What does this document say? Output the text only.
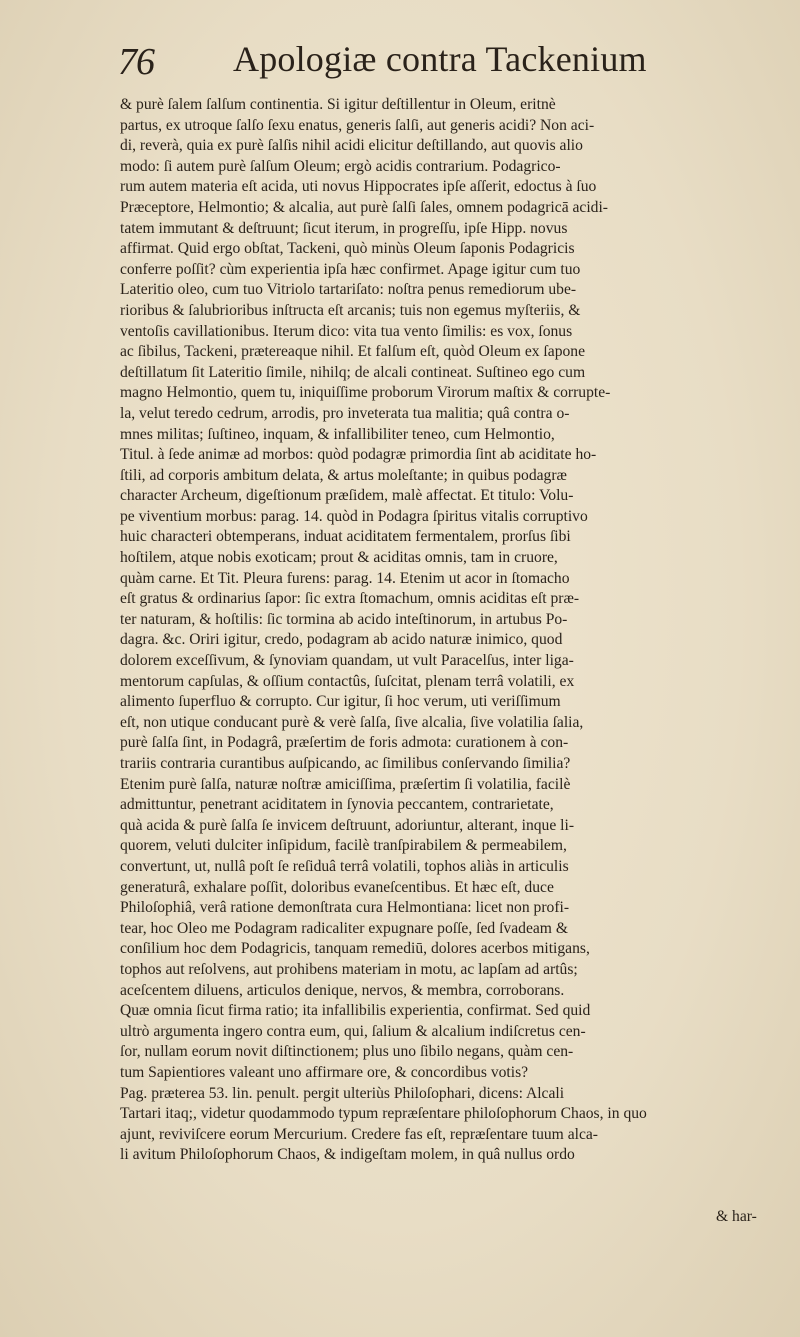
76 Apologiæ contra Tackenium
& purè ſalem ſalſum continentia. Si igitur deſtillentur in Oleum, eritnè
partus, ex utroque ſalſo ſexu enatus, generis ſalſi, aut generis acidi? Non aci-
di, reverà, quia ex purè ſalſis nihil acidi elicitur deſtillando, aut quovis alio
modo: ſi autem purè ſalſum Oleum; ergò acidis contrarium. Podagrico-
rum autem materia eſt acida, uti novus Hippocrates ipſe aſſerit, edoctus à ſuo
Præceptore, Helmontio; & alcalia, aut purè ſalſi ſales, omnem podagricā acidi-
tatem immutant & deſtruunt; ſicut iterum, in progreſſu, ipſe Hipp. novus
affirmat. Quid ergo obſtat, Tackeni, quò minùs Oleum ſaponis Podagricis
conferre poſſit? cùm experientia ipſa hæc confirmet. Apage igitur cum tuo
Lateritio oleo, cum tuo Vitriolo tartariſato: noſtra penus remediorum ube-
rioribus & ſalubrioribus inſtructa eſt arcanis; tuis non egemus myſteriis, &
ventoſis cavillationibus. Iterum dico: vita tua vento ſimilis: es vox, ſonus
ac ſibilus, Tackeni, prætereaque nihil. Et falſum eſt, quòd Oleum ex ſapone
deſtillatum ſit Lateritio ſimile, nihilq; de alcali contineat. Suſtineo ego cum
magno Helmontio, quem tu, iniquiſſime proborum Virorum maſtix & corrupte-
la, velut teredo cedrum, arrodis, pro inveterata tua malitia; quâ contra o-
mnes militas; ſuſtineo, inquam, & infallibiliter teneo, cum Helmontio,
Titul. à ſede animæ ad morbos: quòd podagræ primordia ſint ab aciditate ho-
ſtili, ad corporis ambitum delata, & artus moleſtante; in quibus podagræ
character Archeum, digeſtionum præſidem, malè affectat. Et titulo: Volu-
pe viventium morbus: parag. 14. quòd in Podagra ſpiritus vitalis corruptivo
huic characteri obtemperans, induat aciditatem fermentalem, prorſus ſibi
hoſtilem, atque nobis exoticam; prout & aciditas omnis, tam in cruore,
quàm carne. Et Tit. Pleura furens: parag. 14. Etenim ut acor in ſtomacho
eſt gratus & ordinarius ſapor: ſic extra ſtomachum, omnis aciditas eſt præ-
ter naturam, & hoſtilis: ſic tormina ab acido inteſtinorum, in artubus Po-
dagra. &c. Oriri igitur, credo, podagram ab acido naturæ inimico, quod
dolorem exceſſivum, & ſynoviam quandam, ut vult Paracelſus, inter liga-
mentorum capſulas, & oſſium contactûs, ſuſcitat, plenam terrâ volatili, ex
alimento ſuperfluo & corrupto. Cur igitur, ſi hoc verum, uti veriſſimum
eſt, non utique conducant purè & verè ſalſa, ſive alcalia, ſive volatilia ſalia,
purè ſalſa ſint, in Podagrâ, præſertim de foris admota: curationem à con-
trariis contraria curantibus auſpicando, ac ſimilibus conſervando ſimilia?
Etenim purè ſalſa, naturæ noſtræ amiciſſima, præſertim ſi volatilia, facilè
admittuntur, penetrant aciditatem in ſynovia peccantem, contrarietate,
quà acida & purè ſalſa ſe invicem deſtruunt, adoriuntur, alterant, inque li-
quorem, veluti dulciter inſipidum, facilè tranſpirabilem & permeabilem,
convertunt, ut, nullâ poſt ſe reſiduâ terrâ volatili, tophos aliàs in articulis
generaturâ, exhalare poſſit, doloribus evaneſcentibus. Et hæc eſt, duce
Philoſophiâ, verâ ratione demonſtrata cura Helmontiana: licet non profi-
tear, hoc Oleo me Podagram radicaliter expugnare poſſe, ſed ſvadeam &
conſilium hoc dem Podagricis, tanquam remediū, dolores acerbos mitigans,
tophos aut reſolvens, aut prohibens materiam in motu, ac lapſam ad artûs;
aceſcentem diluens, articulos denique, nervos, & membra, corroborans.
Quæ omnia ſicut firma ratio; ita infallibilis experientia, confirmat. Sed quid
ultrò argumenta ingero contra eum, qui, ſalium & alcalium indiſcretus cen-
ſor, nullam eorum novit diſtinctionem; plus uno ſibilo negans, quàm cen-
tum Sapientiores valeant uno affirmare ore, & concordibus votis?
Pag. præterea 53. lin. penult. pergit ulteriùs Philoſophari, dicens: Alcali
Tartari itaq;, videtur quodammodo typum repræſentare philoſophorum Chaos, in quo
ajunt, reviviſcere eorum Mercurium. Credere fas eſt, repræſentare tuum alca-
li avitum Philoſophorum Chaos, & indigeſtam molem, in quâ nullus ordo
& har-
